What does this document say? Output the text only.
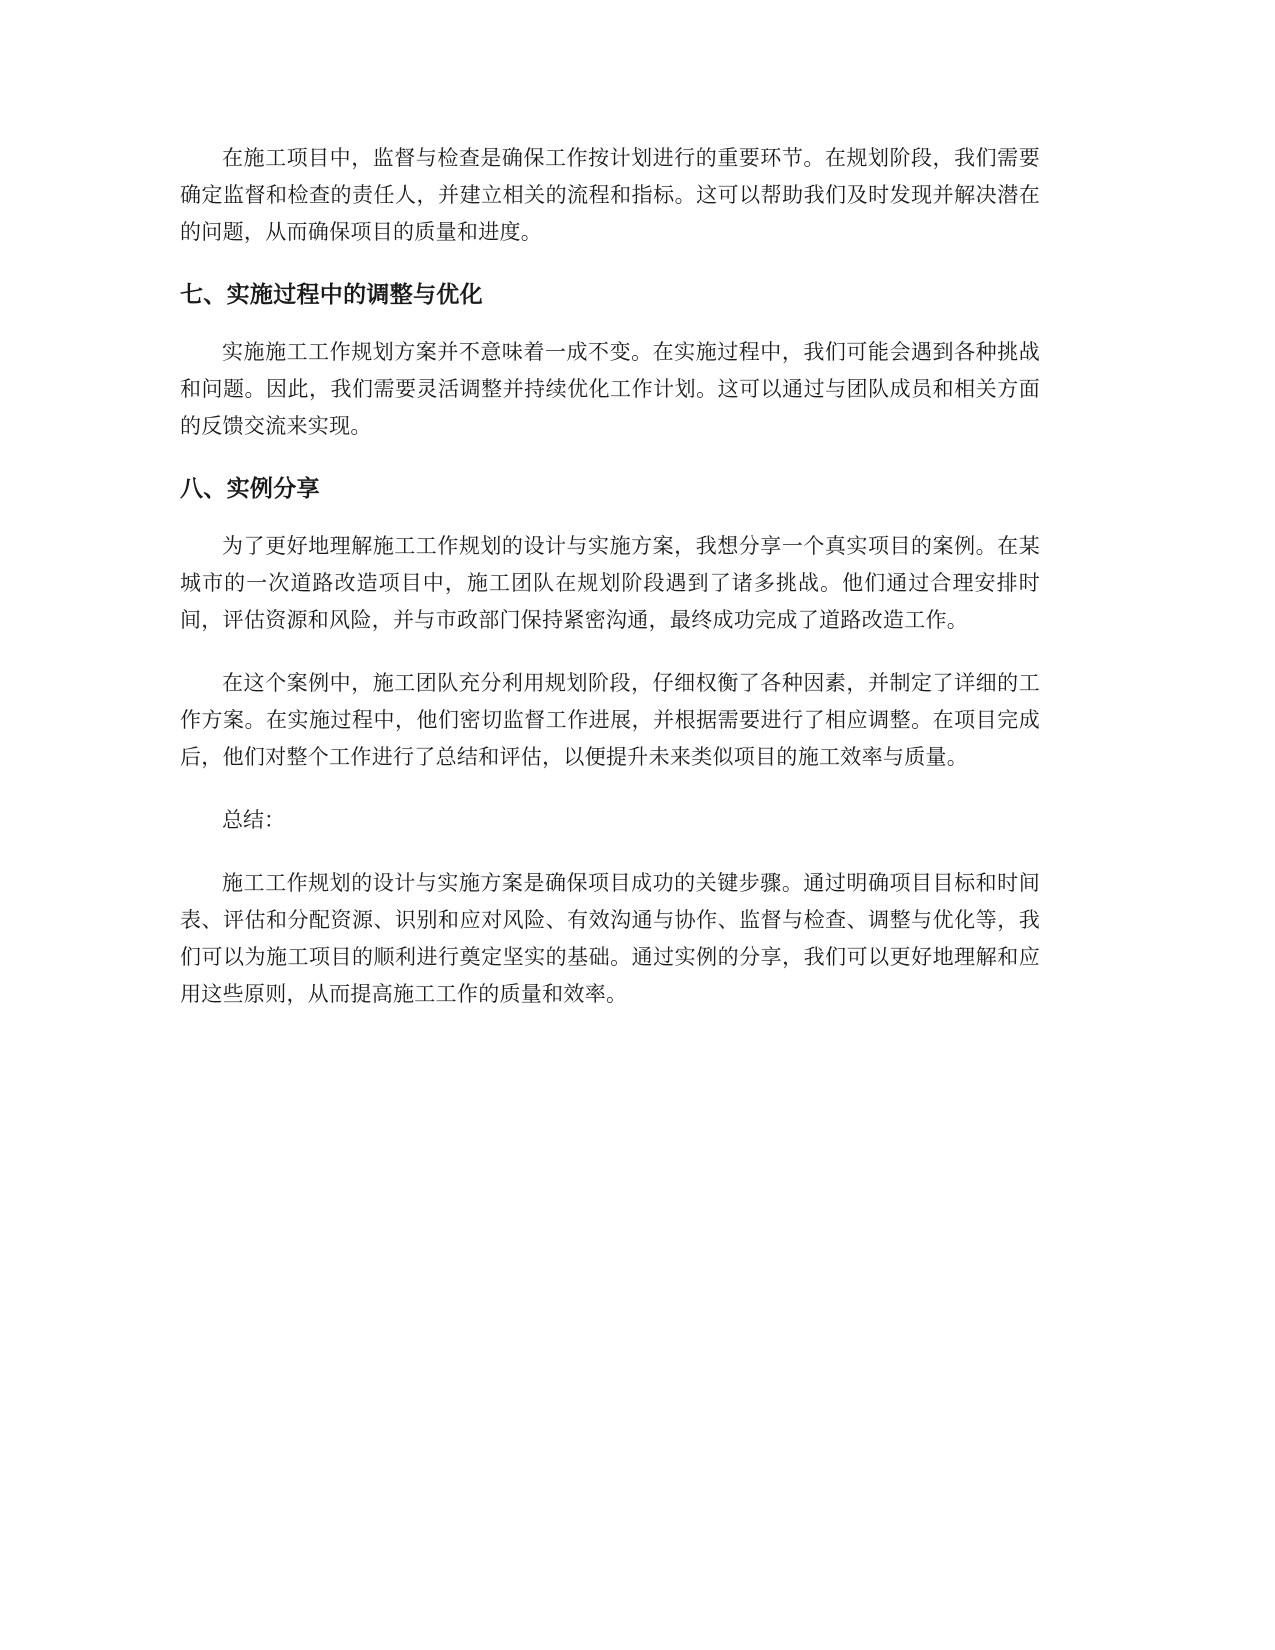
在施工项目中，监督与检查是确保工作按计划进行的重要环节。在规划阶段，我们需要确定监督和检查的责任人，并建立相关的流程和指标。这可以帮助我们及时发现并解决潜在的问题，从而确保项目的质量和进度。

七、实施过程中的调整与优化

实施施工工作规划方案并不意味着一成不变。在实施过程中，我们可能会遇到各种挑战和问题。因此，我们需要灵活调整并持续优化工作计划。这可以通过与团队成员和相关方面的反馈交流来实现。

八、实例分享

为了更好地理解施工工作规划的设计与实施方案，我想分享一个真实项目的案例。在某城市的一次道路改造项目中，施工团队在规划阶段遇到了诸多挑战。他们通过合理安排时间，评估资源和风险，并与市政部门保持紧密沟通，最终成功完成了道路改造工作。

在这个案例中，施工团队充分利用规划阶段，仔细权衡了各种因素，并制定了详细的工作方案。在实施过程中，他们密切监督工作进展，并根据需要进行了相应调整。在项目完成后，他们对整个工作进行了总结和评估，以便提升未来类似项目的施工效率与质量。

总结：

施工工作规划的设计与实施方案是确保项目成功的关键步骤。通过明确项目目标和时间表、评估和分配资源、识别和应对风险、有效沟通与协作、监督与检查、调整与优化等，我们可以为施工项目的顺利进行奠定坚实的基础。通过实例的分享，我们可以更好地理解和应用这些原则，从而提高施工工作的质量和效率。
